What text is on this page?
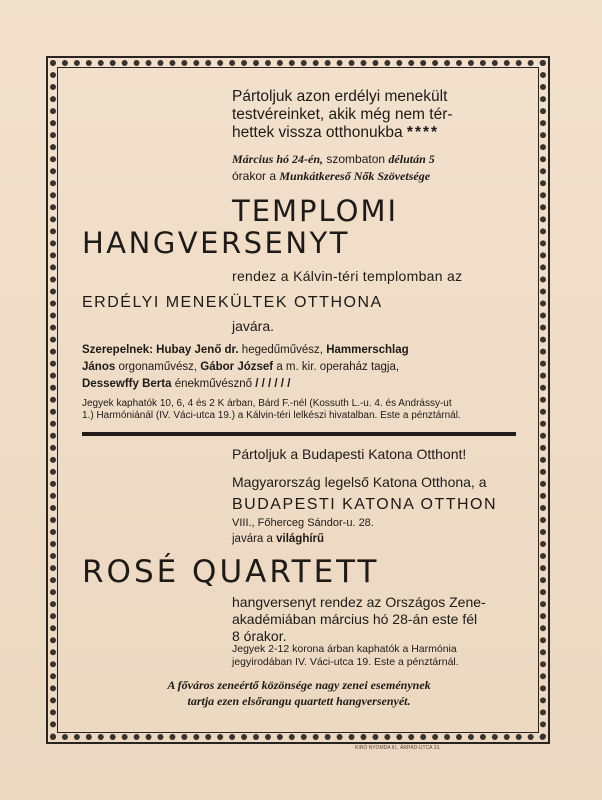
Pártoljuk azon erdélyi menekült

testvéreinket, akik még nem tér-

hettek vissza otthonukba ****

Március hó 24-én, szombaton délután 5

órakor a Munkátkereső Nők Szövetsége

TEMPLOMI

HANGVERSENYT

rendez a Kálvin-téri templomban az

ERDÉLYI MENEKÜLTEK OTTHONA

javára.

Szerepelnek: Hubay Jenő dr. hegedűművész, Hammerschlag

János orgonaművész, Gábor József a m. kir. operaház tagja,

Dessewffy Berta énekművésznő / / / / / /

Jegyek kaphatók 10, 6, 4 és 2 K árban, Bárd F.-nél (Kossuth L.-u. 4. és Andrássy-ut

1.) Harmóniánál (IV. Váci-utca 19.) a Kálvin-téri lelkészi hivatalban. Este a pénztárnál.

Pártoljuk a Budapesti Katona Otthont!

Magyarország legelső Katona Otthona, a

BUDAPESTI KATONA OTTHON

VIII., Főherceg Sándor-u. 28.

javára a világhírű

ROSÉ QUARTETT

hangversenyt rendez az Országos Zene-

akadémiában március hó 28-án este fél

8 órakor.

Jegyek 2-12 korona árban kaphatók a Harmónia

jegyirodában IV. Váci-utca 19. Este a pénztárnál.

A főváros zeneértő közönsége nagy zenei eseménynek

tartja ezen elsőrangu quartett hangversenyét.

KIRÓ NYOMDA III., ÁRPÁD-UTCA 23.
